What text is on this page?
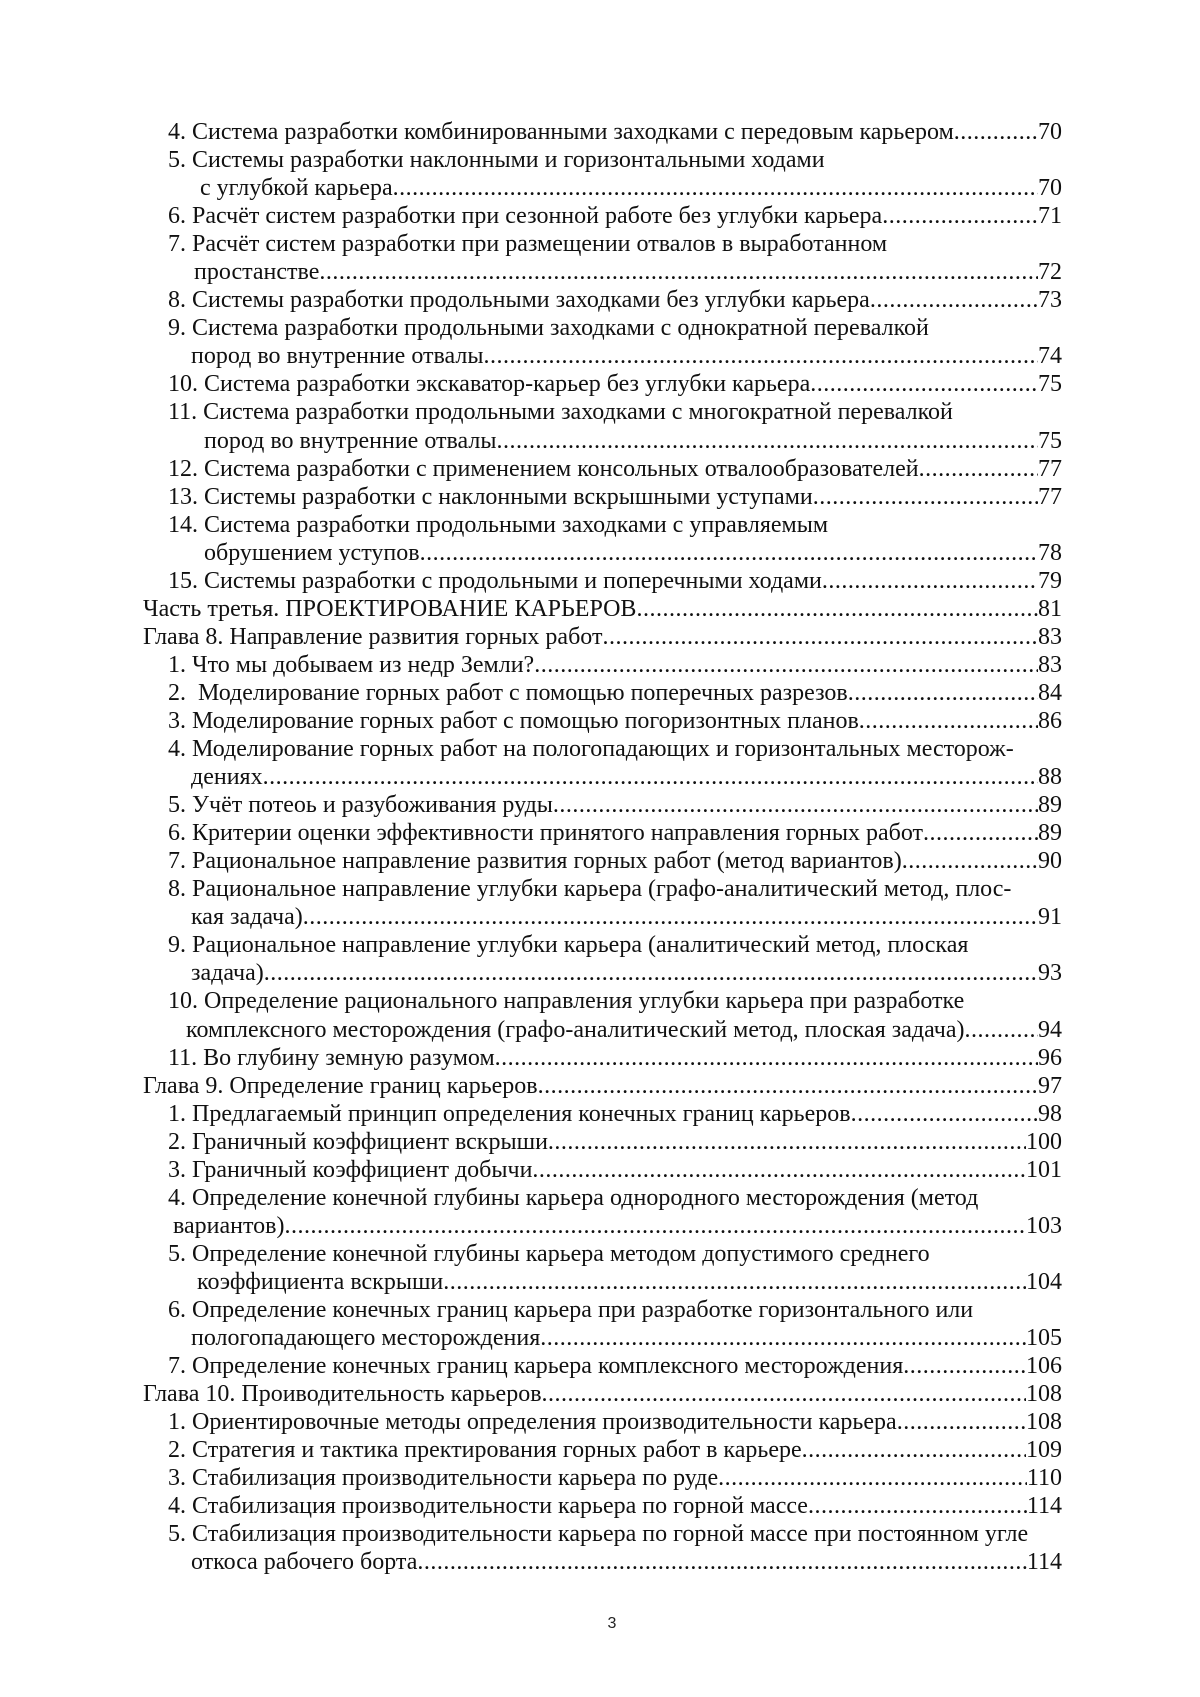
4. Система разработки комбинированными заходками с передовым карьером ............. 70
5. Системы разработки наклонными и горизонтальными ходами
с углубкой карьера ................................................................................................... 70
6. Расчёт систем разработки при сезонной работе без углубки карьера ........................ 71
7. Расчёт систем разработки при размещении отвалов в выработанном
простанстве ................................................................................................................
72
8. Системы разработки продольными заходками без углубки карьера ......................... 73
9. Система разработки продольными заходками с однократной перевалкой
пород во внутренние отвалы ..................................................................................... 74
10. Система разработки экскаватор-карьер без углубки карьера .....................................
75
11. Система разработки продольными заходками с многократной перевалкой
пород во внутренние отвалы ....................................................................................
75
12. Система разработки с применением консольных отвалообразователей .................. 77
13. Системы разработки с наклонными вскрышными уступами .....................................
77
14. Система разработки продольными заходками с управляемым
обрушением уступов ............................................................................................... 78
15. Системы разработки с продольными и поперечными ходами ................................. 79
Часть третья. ПРОЕКТИРОВАНИЕ КАРЬЕРОВ ............................................................. 81
Глава 8. Направление развития горных работ ................................................................... 83
1. Что мы добываем из недр Земли? ............................................................................. 83
2.  Моделирование горных работ с помощью поперечных разрезов ............................. 84
3. Моделирование горных работ с помощью погоризонтных планов ........................... 86
4. Моделирование горных работ на пологопадающих и горизонтальных месторож-
дениях ....................................................................................................................... 88
5. Учёт потеоь и разубоживания руды ...........................................................................
89
6. Критерии оценки эффективности принятого направления горных работ ..................
89
7. Рациональное направление развития горных работ (метод вариантов) ..................... 90
8. Рациональное направление углубки карьера (графо-аналитический метод, плос-
кая задача) ................................................................................................................. 91
9. Рациональное направление углубки карьера (аналитический метод, плоская
задача) ....................................................................................................................... 93
10. Определение рационального направления углубки карьера при разработке
комплексного месторождения (графо-аналитический метод, плоская задача) ........... 94
11. Во глубину земную разумом ....................................................................................
96
Глава 9. Определение границ карьеров ............................................................................. 97
1. Предлагаемый принцип определения конечных границ карьеров .............................
98
2. Граничный коэффициент вскрыши ...........................................................................
100
3. Граничный коэффициент добычи ............................................................................ 101
4. Определение конечной глубины карьера однородного месторождения (метод
вариантов) .................................................................................................................. 103
5. Определение конечной глубины карьера методом допустимого среднего
коэффициента вскрыши ......................................................................................... 104
6. Определение конечных границ карьера при разработке горизонтального или
пологопадающего месторождения ...........................................................................
105
7. Определение конечных границ карьера комплексного месторождения .................. 106
Глава 10. Проиводительность карьеров ...........................................................................
108
1. Ориентировочные методы определения производительности карьера .................... 108
2. Стратегия и тактика пректирования горных работ в карьере .....................................
109
3. Стабилизация производительности карьера по руде ............................................... 110
4. Стабилизация производительности карьера по горной массе .....................................
114
5. Стабилизация производительности карьера по горной массе при постоянном угле
откоса рабочего борта ............................................................................................. 114
3
